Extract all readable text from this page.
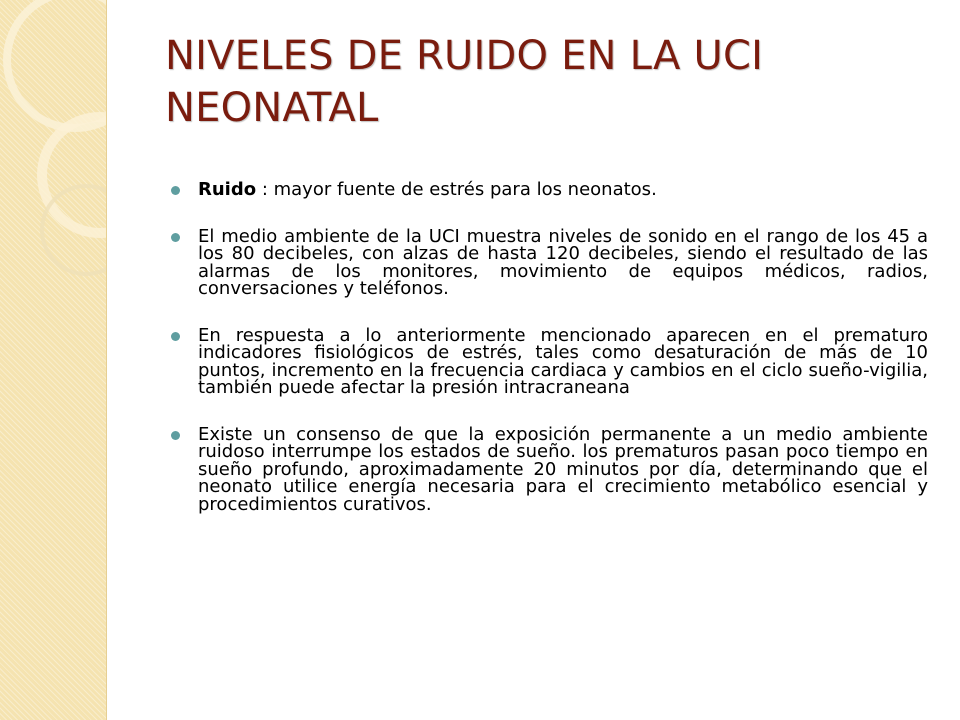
NIVELES DE RUIDO EN LA UCI
NEONATAL
Ruido : mayor fuente de estrés para los neonatos.
El medio ambiente de la UCI muestra niveles de sonido en el rango de los 45 a los 80 decibeles, con alzas de hasta 120 decibeles, siendo el resultado de las alarmas de los monitores, movimiento de equipos médicos, radios, conversaciones y teléfonos.
En respuesta a lo anteriormente mencionado aparecen en el prematuro indicadores fisiológicos de estrés, tales como desaturación de más de 10 puntos, incremento en la frecuencia cardiaca y cambios en el ciclo sueño-vigilia, también puede afectar la presión intracraneana
Existe un consenso de que la exposición permanente a un medio ambiente ruidoso interrumpe los estados de sueño. los prematuros pasan poco tiempo en sueño profundo, aproximadamente 20 minutos por día, determinando que el neonato utilice energía necesaria para el crecimiento metabólico esencial y procedimientos curativos.
